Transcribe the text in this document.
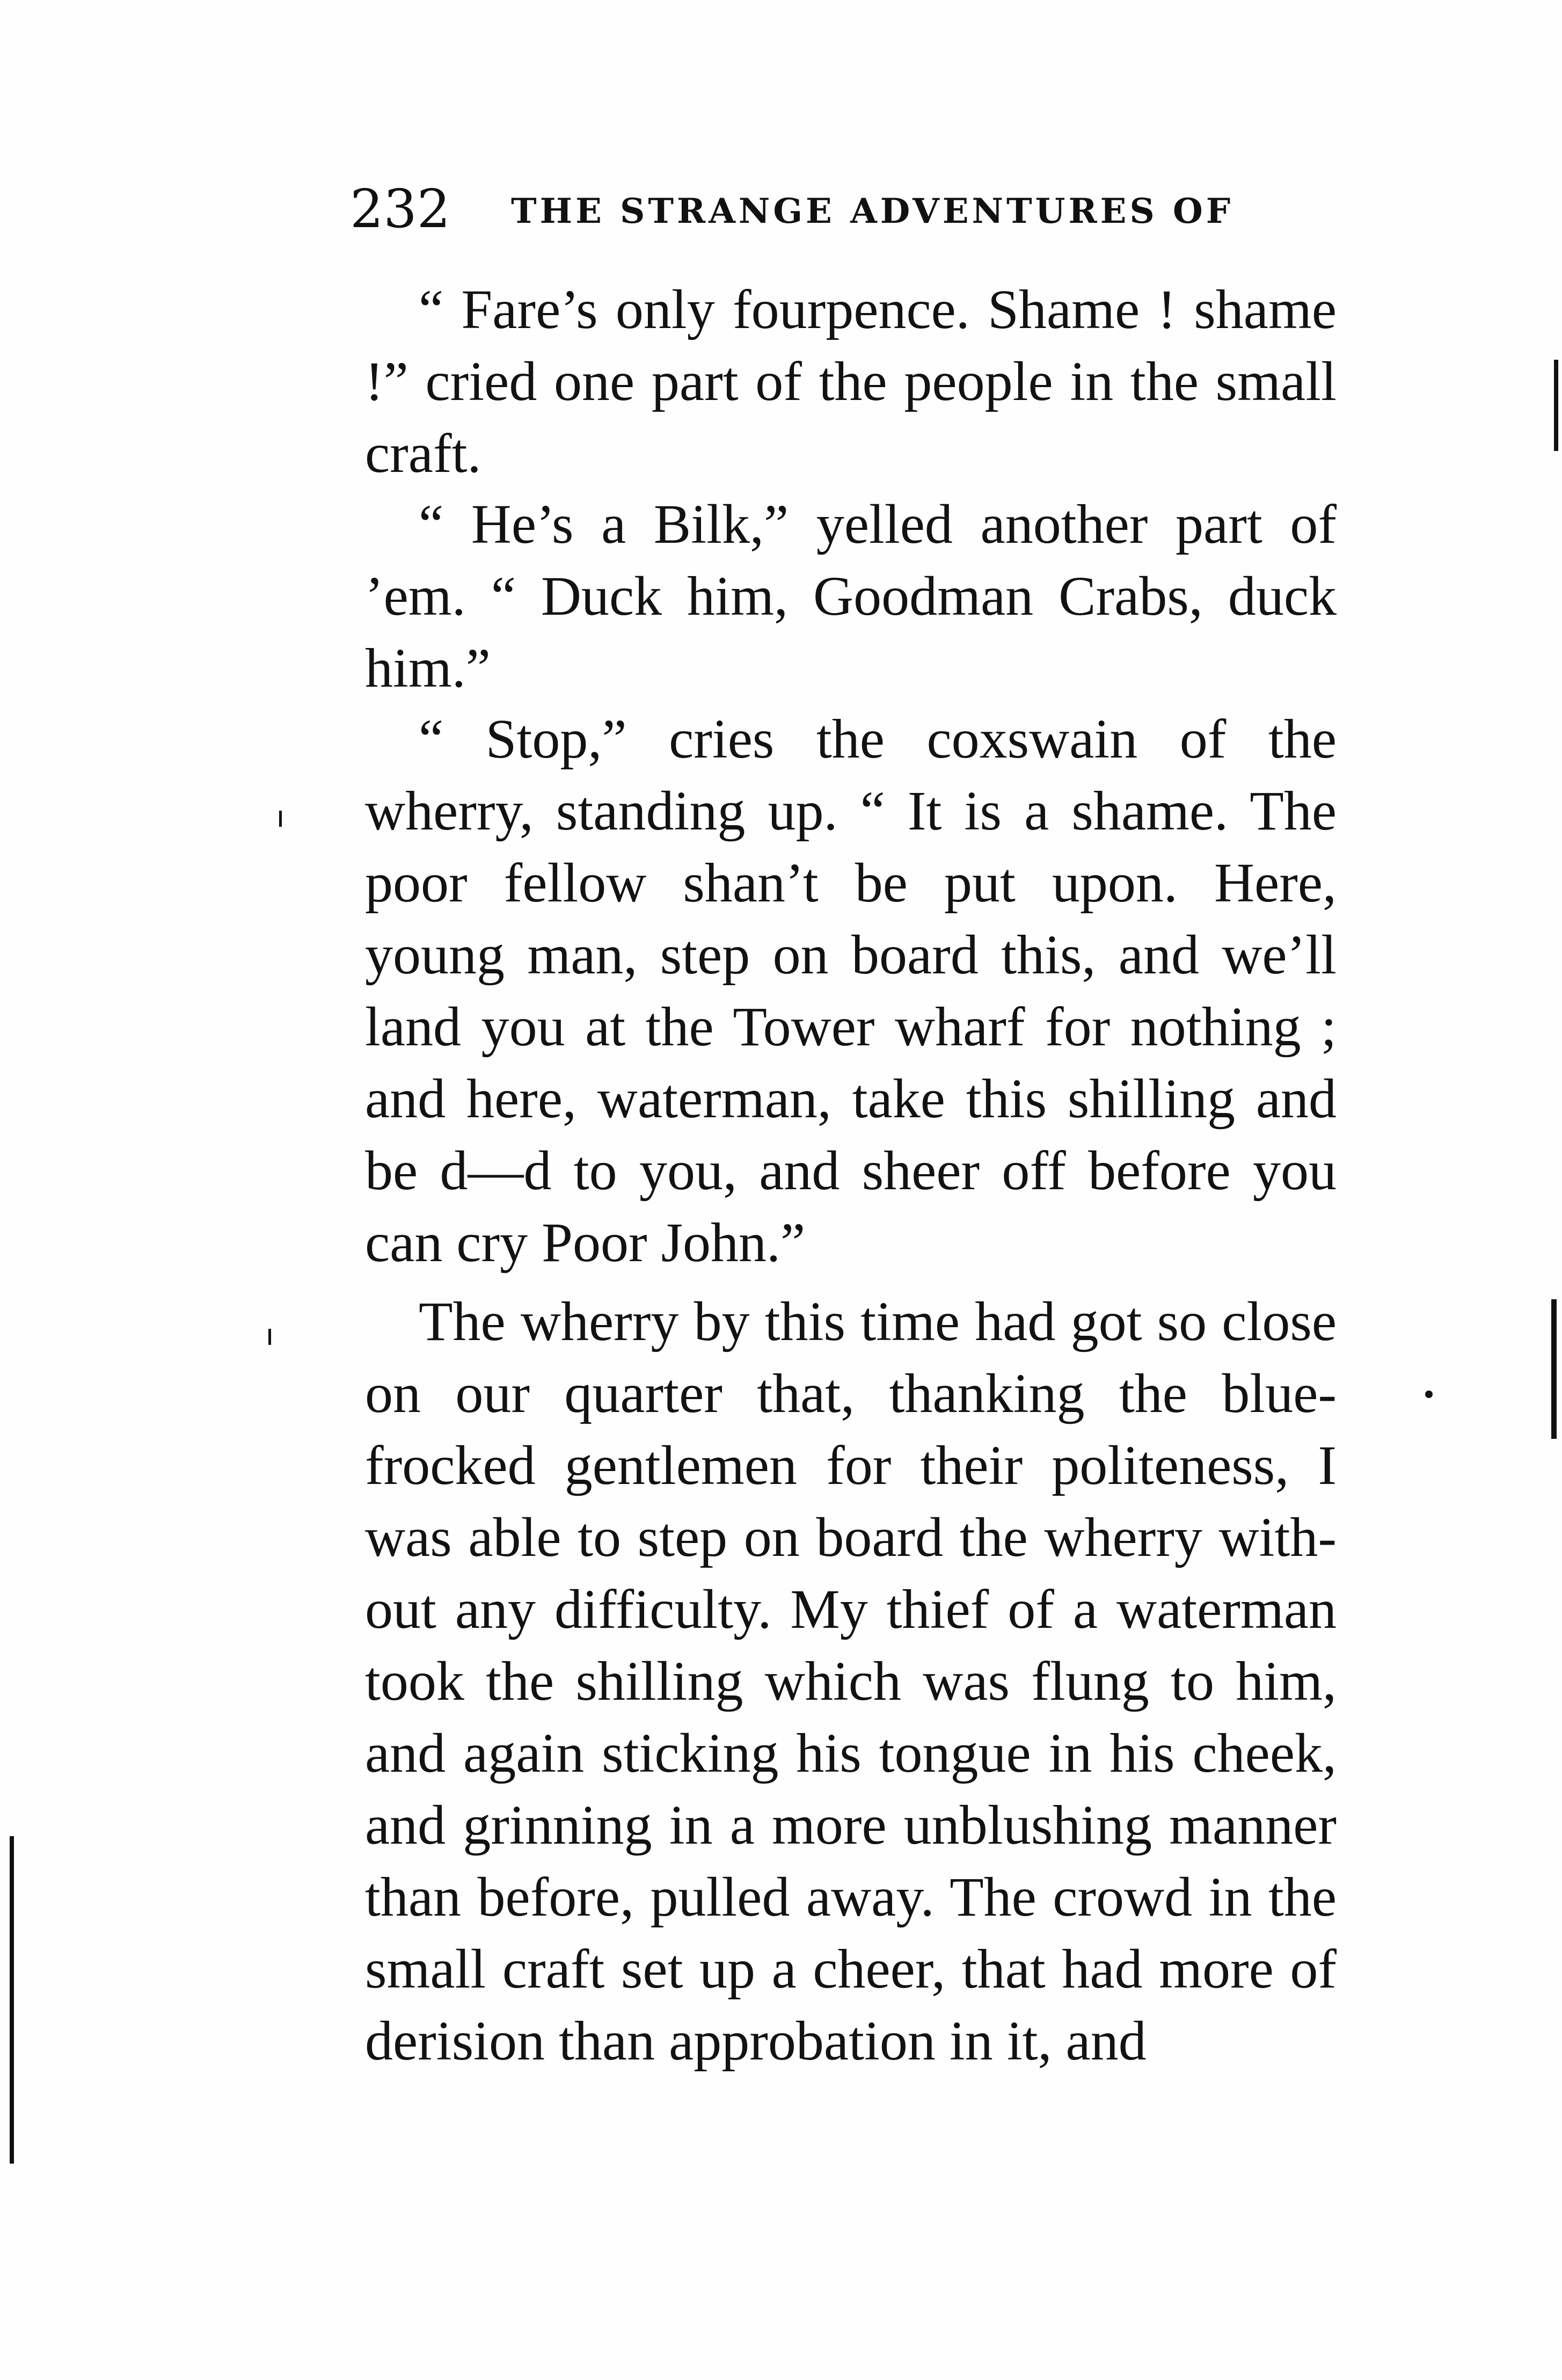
232 THE STRANGE ADVENTURES OF

“ Fare’s only fourpence. Shame ! shame !” cried one part of the people in the small craft.

“ He’s a Bilk,” yelled another part of ’em. “ Duck him, Goodman Crabs, duck him.”

“ Stop,” cries the coxswain of the wherry, standing up. “ It is a shame. The poor fellow shan’t be put upon. Here, young man, step on board this, and we’ll land you at the Tower wharf for nothing ; and here, waterman, take this shilling and be d—d to you, and sheer off before you can cry Poor John.”

The wherry by this time had got so close on our quarter that, thanking the blue-frocked gentlemen for their politeness, I was able to step on board the wherry with-out any difficulty. My thief of a waterman took the shilling which was flung to him, and again sticking his tongue in his cheek, and grinning in a more unblushing manner than before, pulled away. The crowd in the small craft set up a cheer, that had more of derision than approbation in it, and
